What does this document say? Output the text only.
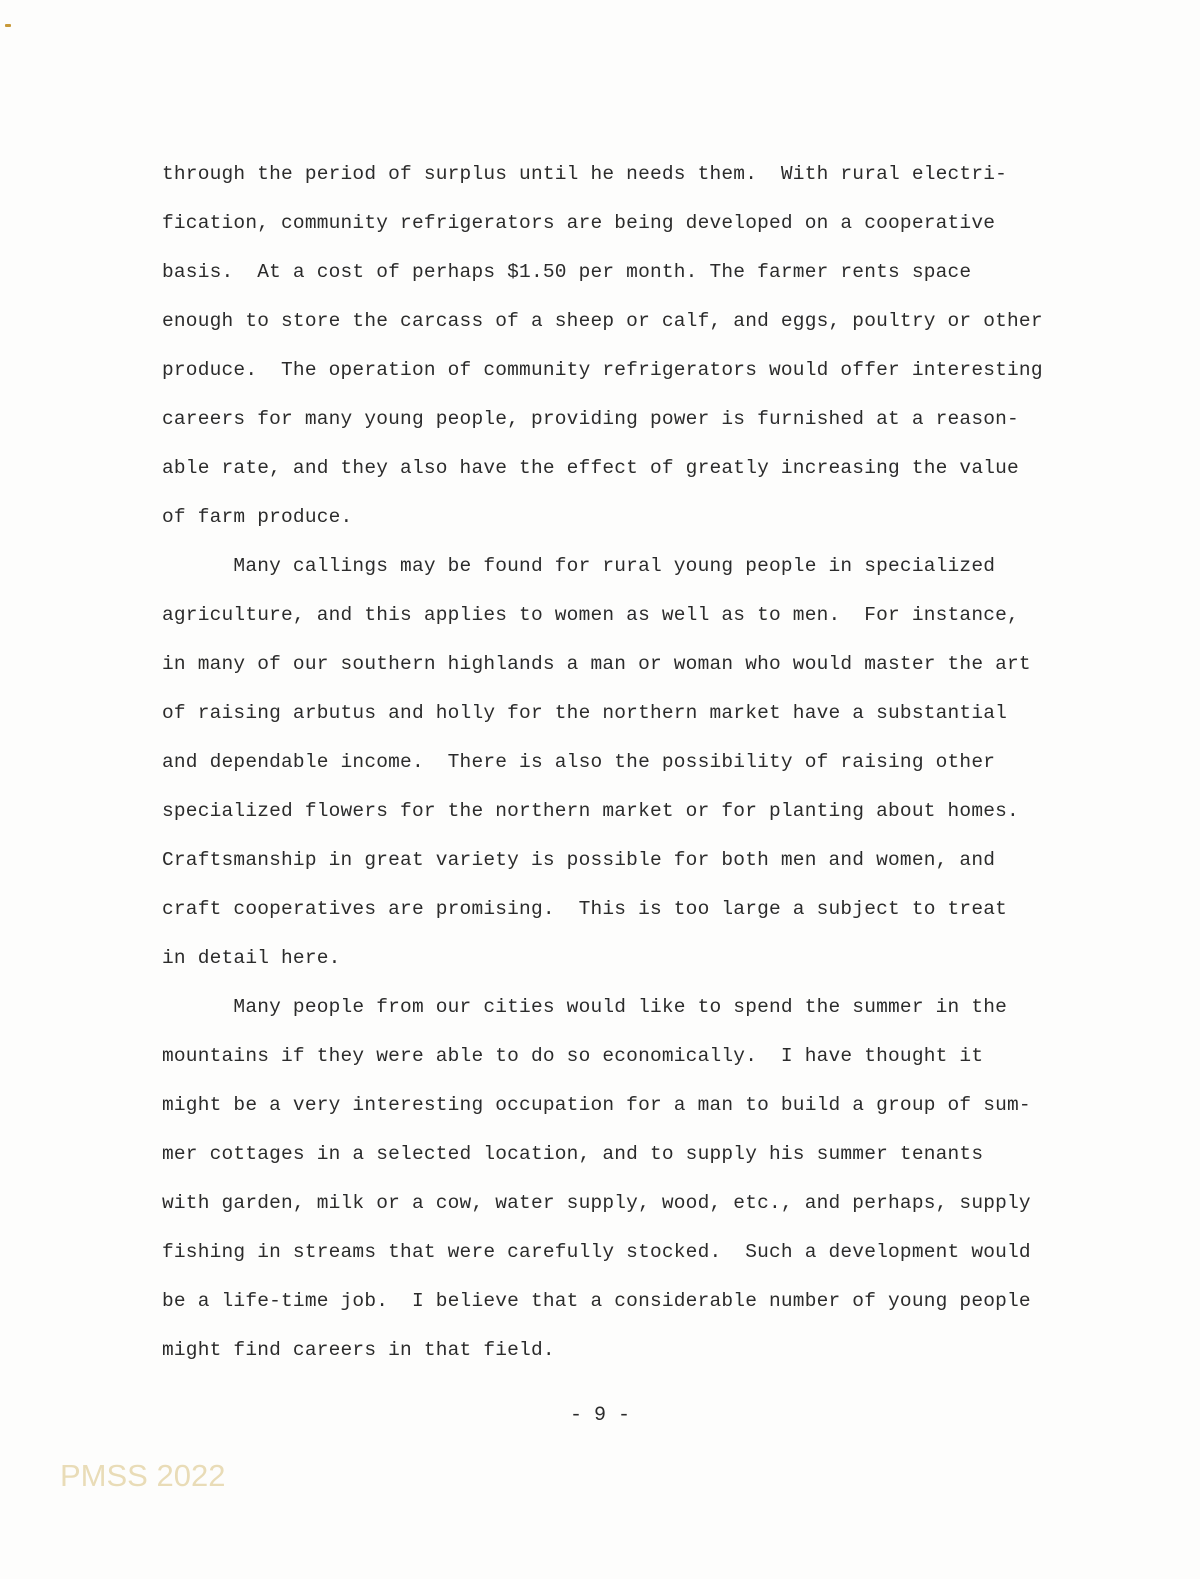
through the period of surplus until he needs them.  With rural electri-
fication, community refrigerators are being developed on a cooperative
basis.  At a cost of perhaps $1.50 per month. The farmer rents space
enough to store the carcass of a sheep or calf, and eggs, poultry or other
produce.  The operation of community refrigerators would offer interesting
careers for many young people, providing power is furnished at a reason-
able rate, and they also have the effect of greatly increasing the value
of farm produce.
Many callings may be found for rural young people in specialized
agriculture, and this applies to women as well as to men.  For instance,
in many of our southern highlands a man or woman who would master the art
of raising arbutus and holly for the northern market have a substantial
and dependable income.  There is also the possibility of raising other
specialized flowers for the northern market or for planting about homes.
Craftsmanship in great variety is possible for both men and women, and
craft cooperatives are promising.  This is too large a subject to treat
in detail here.
Many people from our cities would like to spend the summer in the
mountains if they were able to do so economically.  I have thought it
might be a very interesting occupation for a man to build a group of sum-
mer cottages in a selected location, and to supply his summer tenants
with garden, milk or a cow, water supply, wood, etc., and perhaps, supply
fishing in streams that were carefully stocked.  Such a development would
be a life-time job.  I believe that a considerable number of young people
might find careers in that field.
- 9 -
PMSS 2022
